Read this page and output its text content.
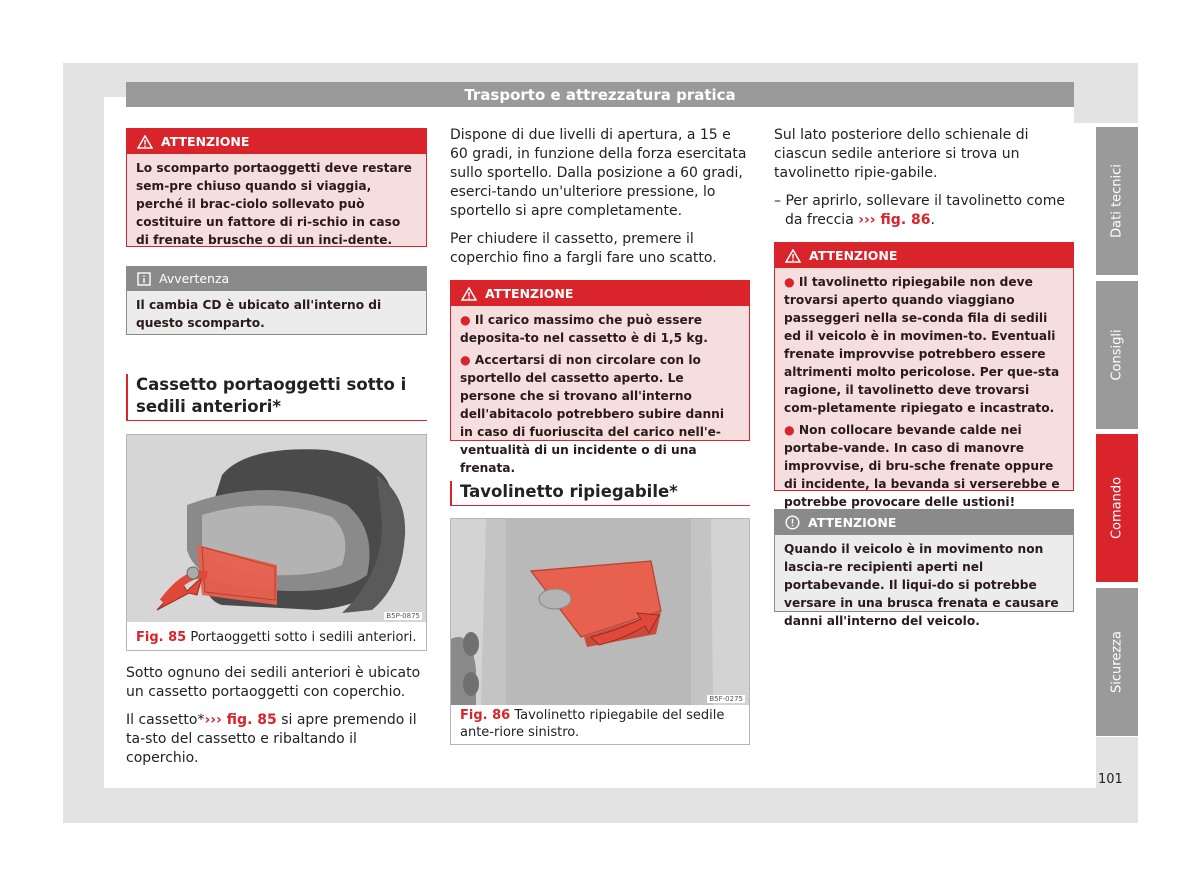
Trasporto e attrezzatura pratica
Dati tecnici
Consigli
Comando
Sicurezza
101
ATTENZIONE
Lo scomparto portaoggetti deve restare sem-pre chiuso quando si viaggia, perché il brac-ciolo sollevato può costituire un fattore di ri-schio in caso di frenate brusche o di un inci-dente.
Avvertenza
Il cambia CD è ubicato all'interno di questo scomparto.
Cassetto portaoggetti sotto i sedili anteriori*
B5P-0875
Fig. 85 Portaoggetti sotto i sedili anteriori.

Sotto ognuno dei sedili anteriori è ubicato un cassetto portaoggetti con coperchio.

Il cassetto*››› fig. 85 si apre premendo il ta-sto del cassetto e ribaltando il coperchio.

Dispone di due livelli di apertura, a 15 e 60 gradi, in funzione della forza esercitata sullo sportello. Dalla posizione a 60 gradi, eserci-tando un'ulteriore pressione, lo sportello si apre completamente.

Per chiudere il cassetto, premere il coperchio fino a fargli fare uno scatto.

ATTENZIONE
● Il carico massimo che può essere deposita-to nel cassetto è di 1,5 kg.
● Accertarsi di non circolare con lo sportello del cassetto aperto. Le persone che si trovano all'interno dell'abitacolo potrebbero subire danni in caso di fuoriuscita del carico nell'e-ventualità di un incidente o di una frenata.
Tavolinetto ripiegabile*
B5F-0275
Fig. 86 Tavolinetto ripiegabile del sedile ante-riore sinistro.

Sul lato posteriore dello schienale di ciascun sedile anteriore si trova un tavolinetto ripie-gabile.

– Per aprirlo, sollevare il tavolinetto come da freccia ››› fig. 86.

ATTENZIONE
● Il tavolinetto ripiegabile non deve trovarsi aperto quando viaggiano passeggeri nella se-conda fila di sedili ed il veicolo è in movimen-to. Eventuali frenate improvvise potrebbero essere altrimenti molto pericolose. Per que-sta ragione, il tavolinetto deve trovarsi com-pletamente ripiegato e incastrato.
● Non collocare bevande calde nei portabe-vande. In caso di manovre improvvise, di bru-sche frenate oppure di incidente, la bevanda si verserebbe e potrebbe provocare delle ustioni!
ATTENZIONE
Quando il veicolo è in movimento non lascia-re recipienti aperti nel portabevande. Il liqui-do si potrebbe versare in una brusca frenata e causare danni all'interno del veicolo.
